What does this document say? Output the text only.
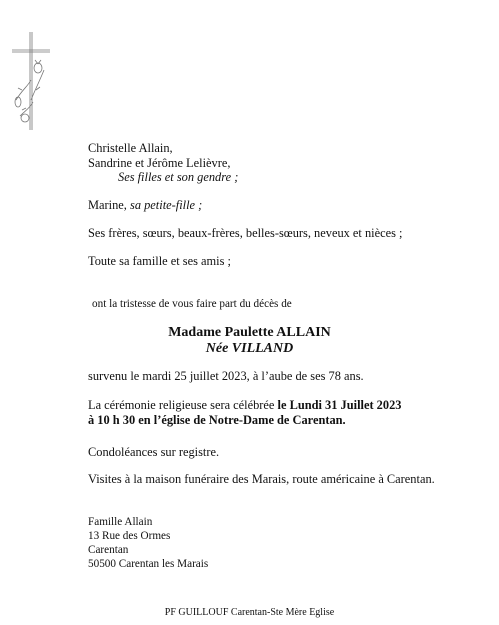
Christelle Allain,
Sandrine et Jérôme Lelièvre,
Ses filles et son gendre ;
Marine, sa petite-fille ;
Ses frères, sœurs, beaux-frères, belles-sœurs, neveux et nièces ;
Toute sa famille et ses amis ;
ont la tristesse de vous faire part du décès de
Madame Paulette ALLAIN
Née VILLAND
survenu le mardi 25 juillet 2023, à l’aube de ses 78 ans.
La cérémonie religieuse sera célébrée le Lundi 31 Juillet 2023
à 10 h 30 en l’église de Notre-Dame de Carentan.
Condoléances sur registre.
Visites à la maison funéraire des Marais, route américaine à Carentan.
Famille Allain
13 Rue des Ormes
Carentan
50500 Carentan les Marais
PF GUILLOUF Carentan-Ste Mère Eglise
